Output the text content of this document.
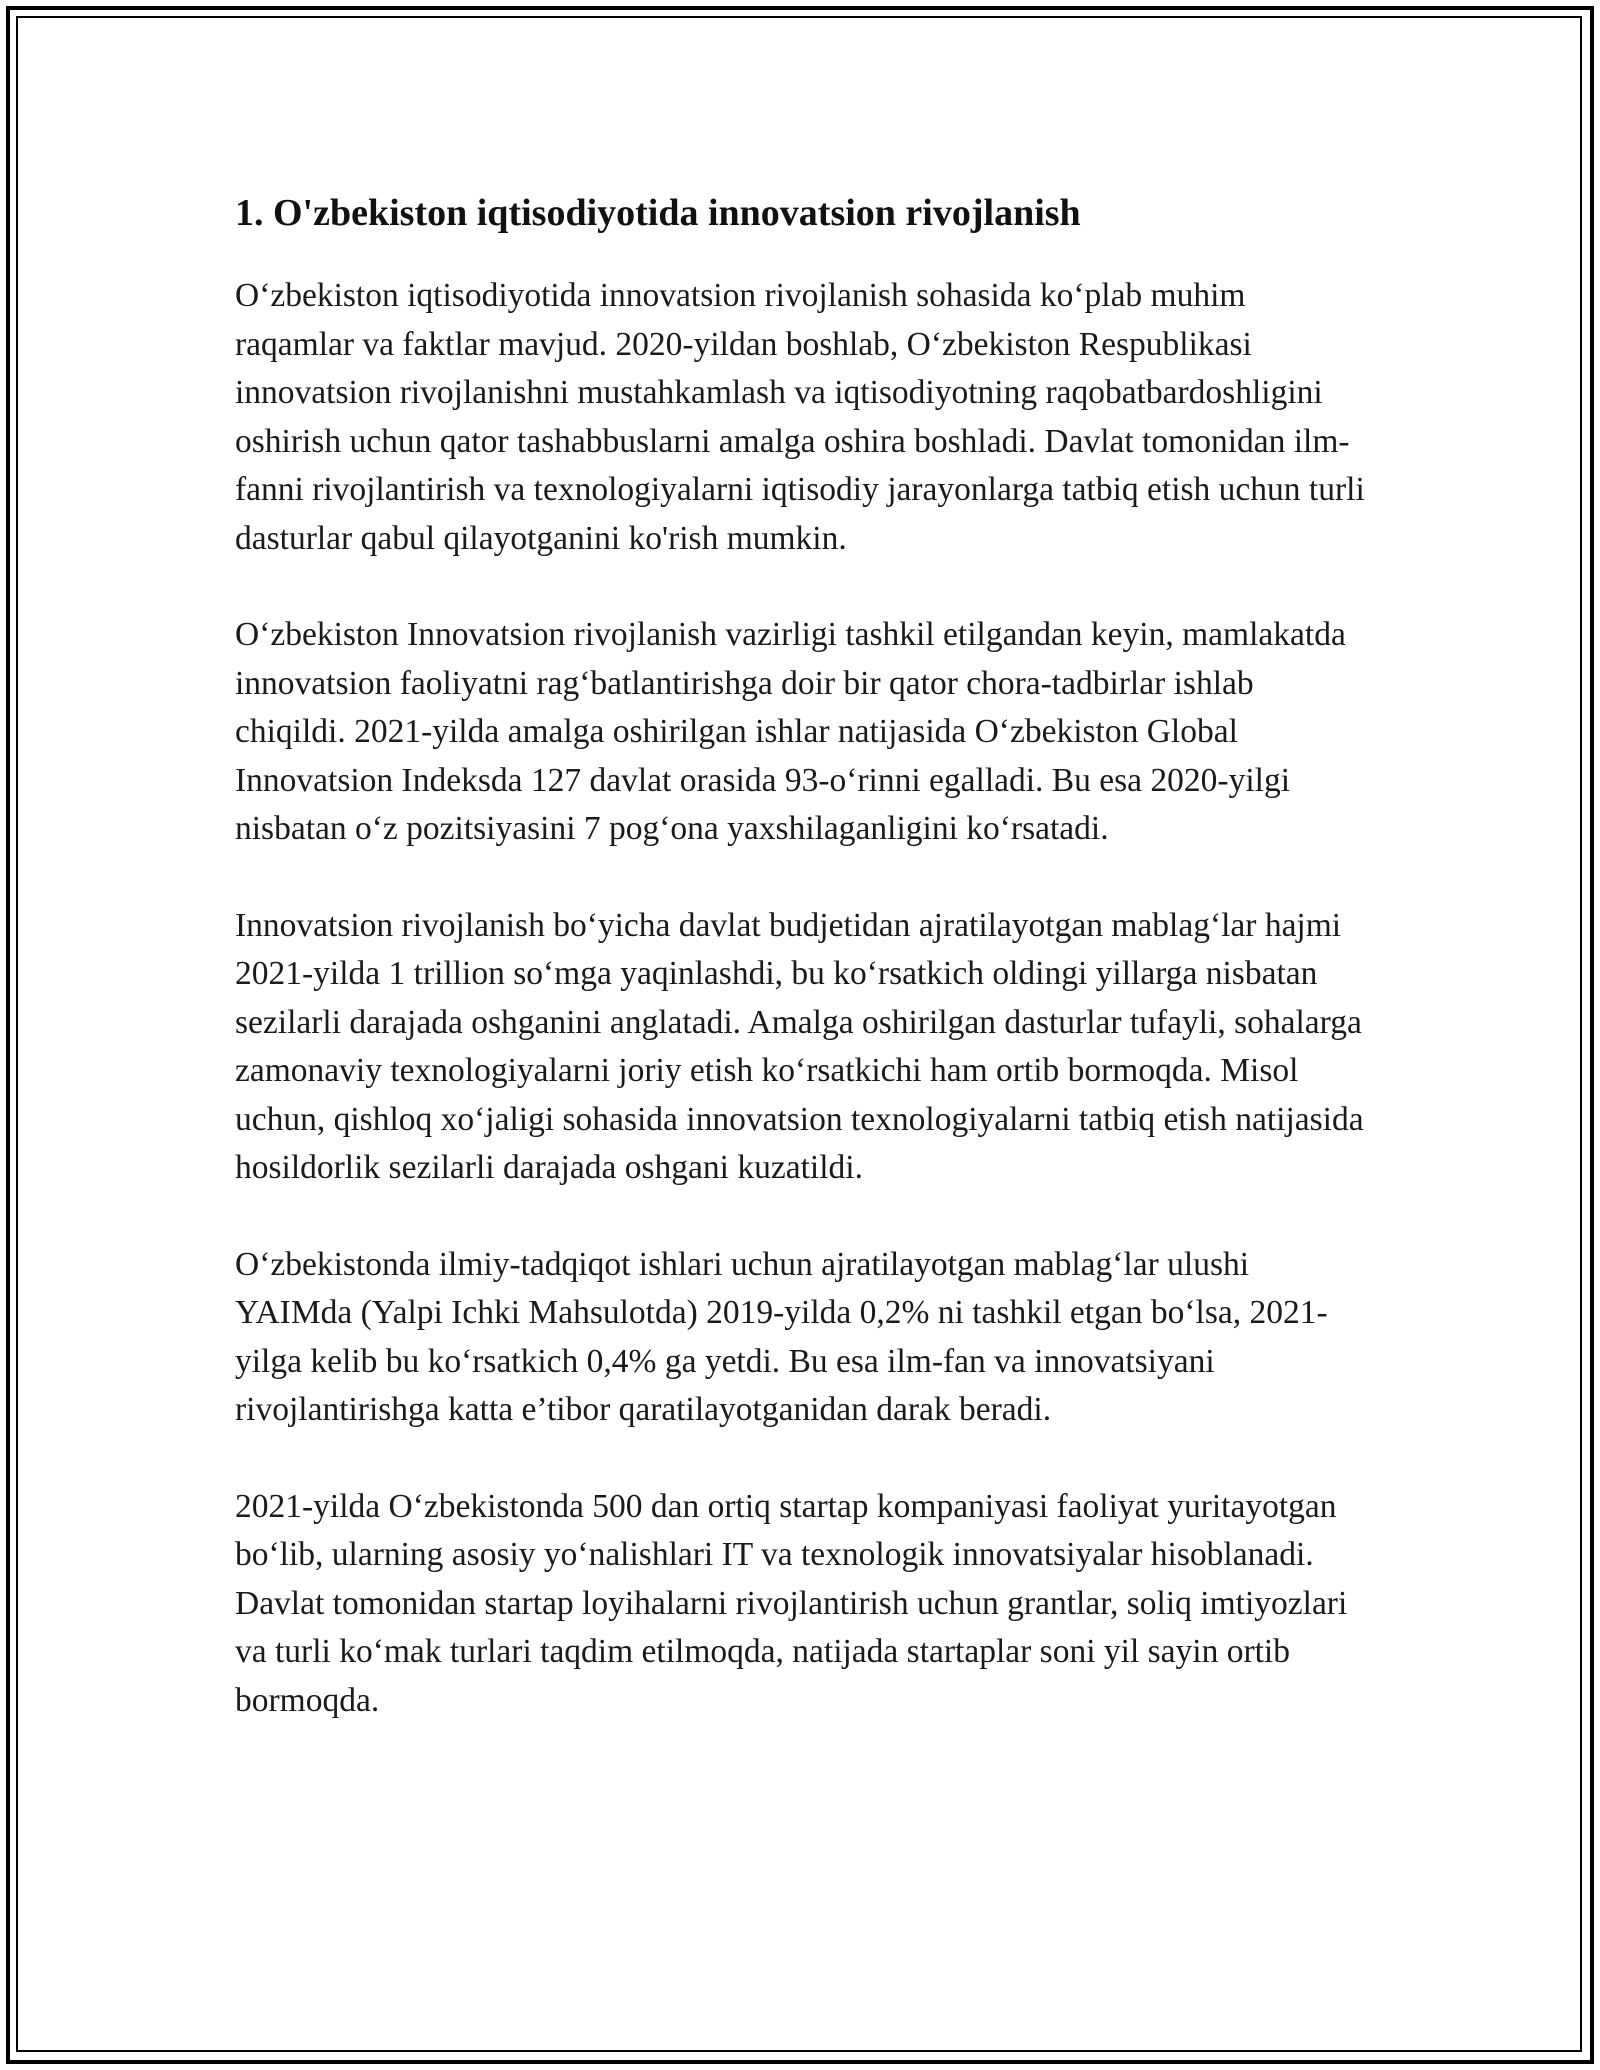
1. O'zbekiston iqtisodiyotida innovatsion rivojlanish

O‘zbekiston iqtisodiyotida innovatsion rivojlanish sohasida ko‘plab muhim raqamlar va faktlar mavjud. 2020-yildan boshlab, O‘zbekiston Respublikasi innovatsion rivojlanishni mustahkamlash va iqtisodiyotning raqobatbardoshligini oshirish uchun qator tashabbuslarni amalga oshira boshladi. Davlat tomonidan ilm-fanni rivojlantirish va texnologiyalarni iqtisodiy jarayonlarga tatbiq etish uchun turli dasturlar qabul qilayotganini ko'rish mumkin.

O‘zbekiston Innovatsion rivojlanish vazirligi tashkil etilgandan keyin, mamlakatda innovatsion faoliyatni rag‘batlantirishga doir bir qator chora-tadbirlar ishlab chiqildi. 2021-yilda amalga oshirilgan ishlar natijasida O‘zbekiston Global Innovatsion Indeksda 127 davlat orasida 93-o‘rinni egalladi. Bu esa 2020-yilgi nisbatan o‘z pozitsiyasini 7 pog‘ona yaxshilaganligini ko‘rsatadi.

Innovatsion rivojlanish bo‘yicha davlat budjetidan ajratilayotgan mablag‘lar hajmi 2021-yilda 1 trillion so‘mga yaqinlashdi, bu ko‘rsatkich oldingi yillarga nisbatan sezilarli darajada oshganini anglatadi. Amalga oshirilgan dasturlar tufayli, sohalarga zamonaviy texnologiyalarni joriy etish ko‘rsatkichi ham ortib bormoqda. Misol uchun, qishloq xo‘jaligi sohasida innovatsion texnologiyalarni tatbiq etish natijasida hosildorlik sezilarli darajada oshgani kuzatildi.

O‘zbekistonda ilmiy-tadqiqot ishlari uchun ajratilayotgan mablag‘lar ulushi YAIMda (Yalpi Ichki Mahsulotda) 2019-yilda 0,2% ni tashkil etgan bo‘lsa, 2021-yilga kelib bu ko‘rsatkich 0,4% ga yetdi. Bu esa ilm-fan va innovatsiyani rivojlantirishga katta e’tibor qaratilayotganidan darak beradi.

2021-yilda O‘zbekistonda 500 dan ortiq startap kompaniyasi faoliyat yuritayotgan bo‘lib, ularning asosiy yo‘nalishlari IT va texnologik innovatsiyalar hisoblanadi. Davlat tomonidan startap loyihalarni rivojlantirish uchun grantlar, soliq imtiyozlari va turli ko‘mak turlari taqdim etilmoqda, natijada startaplar soni yil sayin ortib bormoqda.
